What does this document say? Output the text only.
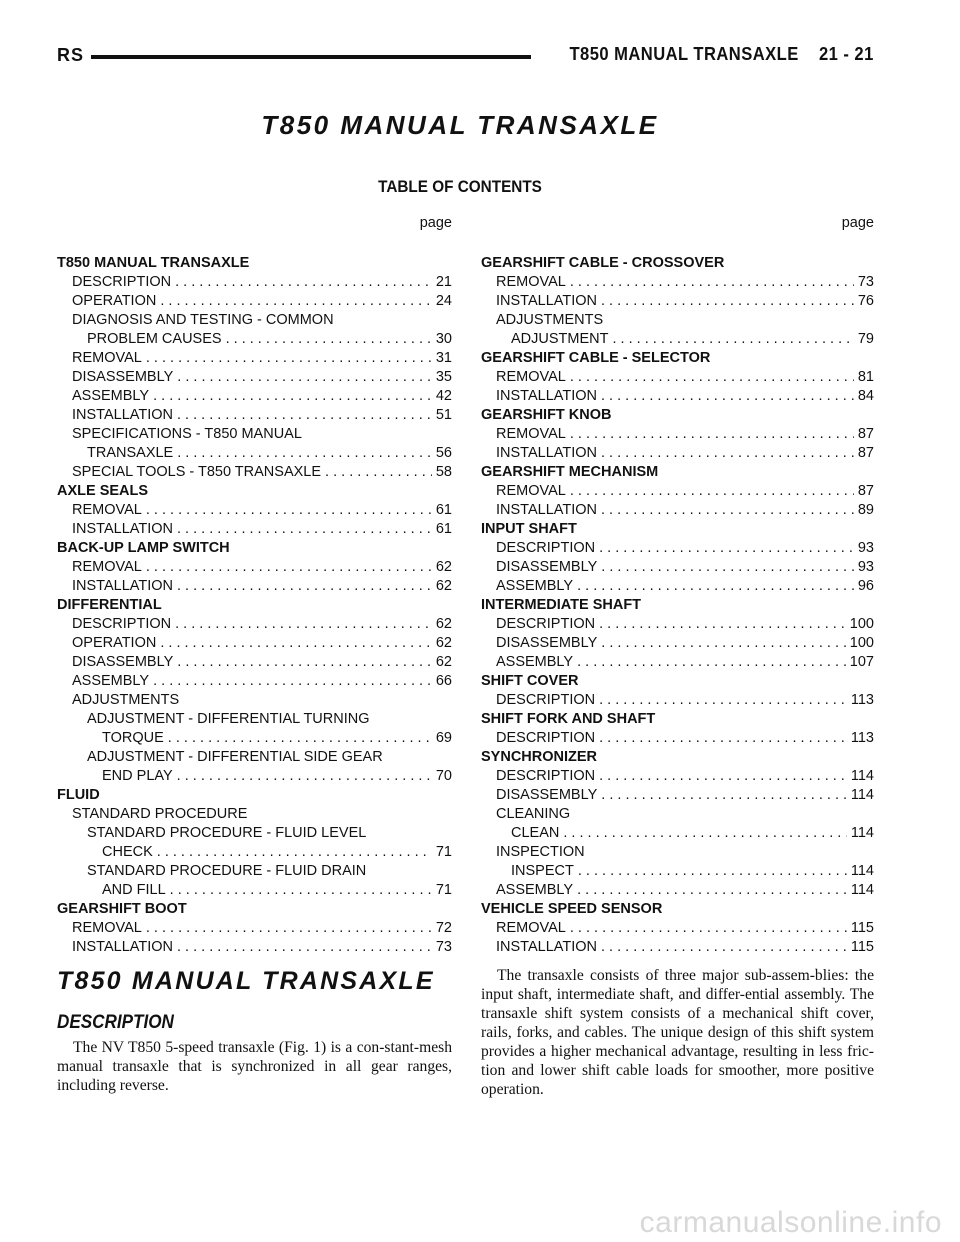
RS	T850 MANUAL TRANSAXLE 21 - 21
T850 MANUAL TRANSAXLE
TABLE OF CONTENTS
page
T850 MANUAL TRANSAXLE
DESCRIPTION . . .	21
OPERATION . . .	24
DIAGNOSIS AND TESTING - COMMON
PROBLEM CAUSES . . .	30
REMOVAL . . .	31
DISASSEMBLY . . .	35
ASSEMBLY . . .	42
INSTALLATION . . .	51
SPECIFICATIONS - T850 MANUAL
TRANSAXLE . . .	56
SPECIAL TOOLS - T850 TRANSAXLE . . .	58
AXLE SEALS
REMOVAL . . .	61
INSTALLATION . . .	61
BACK-UP LAMP SWITCH
REMOVAL . . .	62
INSTALLATION . . .	62
DIFFERENTIAL
DESCRIPTION . . .	62
OPERATION . . .	62
DISASSEMBLY . . .	62
ASSEMBLY . . .	66
ADJUSTMENTS
ADJUSTMENT - DIFFERENTIAL TURNING
TORQUE . . .	69
ADJUSTMENT - DIFFERENTIAL SIDE GEAR
END PLAY . . .	70
FLUID
STANDARD PROCEDURE
STANDARD PROCEDURE - FLUID LEVEL
CHECK . . .	71
STANDARD PROCEDURE - FLUID DRAIN
AND FILL . . .	71
GEARSHIFT BOOT
REMOVAL . . .	72
INSTALLATION . . .	73
page
GEARSHIFT CABLE - CROSSOVER
REMOVAL . . .	73
INSTALLATION . . .	76
ADJUSTMENTS
ADJUSTMENT . . .	79
GEARSHIFT CABLE - SELECTOR
REMOVAL . . .	81
INSTALLATION . . .	84
GEARSHIFT KNOB
REMOVAL . . .	87
INSTALLATION . . .	87
GEARSHIFT MECHANISM
REMOVAL . . .	87
INSTALLATION . . .	89
INPUT SHAFT
DESCRIPTION . . .	93
DISASSEMBLY . . .	93
ASSEMBLY . . .	96
INTERMEDIATE SHAFT
DESCRIPTION . . .	100
DISASSEMBLY . . .	100
ASSEMBLY . . .	107
SHIFT COVER
DESCRIPTION . . .	113
SHIFT FORK AND SHAFT
DESCRIPTION . . .	113
SYNCHRONIZER
DESCRIPTION . . .	114
DISASSEMBLY . . .	114
CLEANING
CLEAN . . .	114
INSPECTION
INSPECT . . .	114
ASSEMBLY . . .	114
VEHICLE SPEED SENSOR
REMOVAL . . .	115
INSTALLATION . . .	115
T850 MANUAL TRANSAXLE
DESCRIPTION

The NV T850 5-speed transaxle (Fig. 1) is a con-stant-mesh manual transaxle that is synchronized in all gear ranges, including reverse.

The transaxle consists of three major sub-assem-blies: the input shaft, intermediate shaft, and differ-ential assembly. The transaxle shift system consists of a mechanical shift cover, rails, forks, and cables. The unique design of this shift system provides a higher mechanical advantage, resulting in less fric-tion and lower shift cable loads for smoother, more positive operation.

carmanualsonline.info
